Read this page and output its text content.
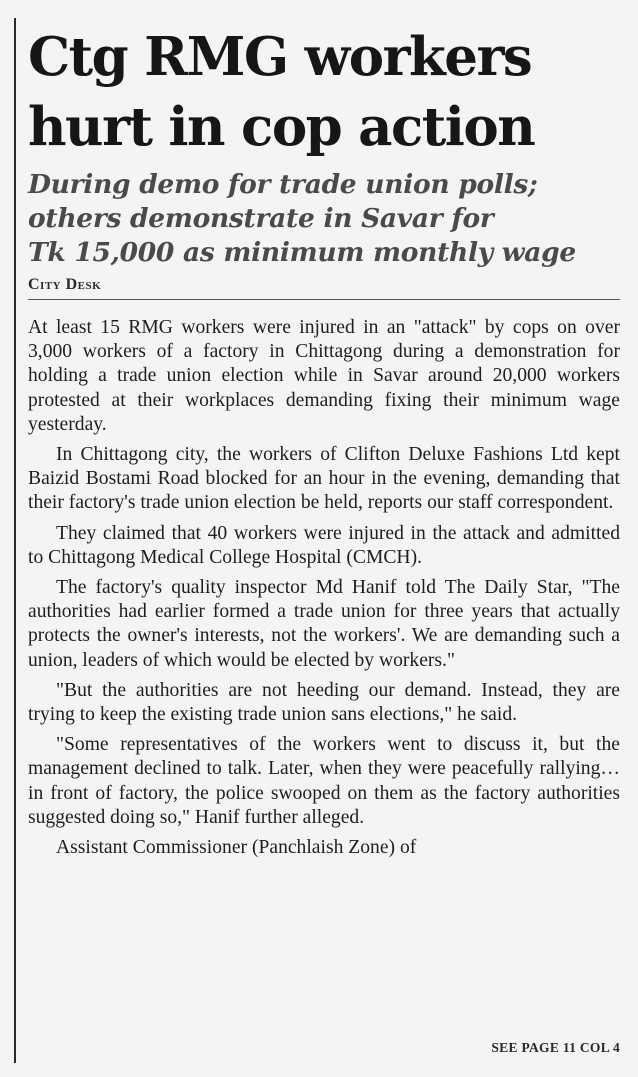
Ctg RMG workers
hurt in cop action
During demo for trade union polls;
others demonstrate in Savar for
Tk 15,000 as minimum monthly wage
City Desk

At least 15 RMG workers were injured in an "attack" by cops on over 3,000 workers of a factory in Chittagong during a demonstration for holding a trade union election while in Savar around 20,000 workers protested at their workplaces demanding fixing their minimum wage yesterday.

In Chittagong city, the workers of Clifton Deluxe Fashions Ltd kept Baizid Bostami Road blocked for an hour in the evening, demanding that their factory's trade union election be held, reports our staff correspondent.

They claimed that 40 workers were injured in the attack and admitted to Chittagong Medical College Hospital (CMCH).

The factory's quality inspector Md Hanif told The Daily Star, "The authorities had earlier formed a trade union for three years that actually protects the owner's interests, not the workers'. We are demanding such a union, leaders of which would be elected by workers."

"But the authorities are not heeding our demand. Instead, they are trying to keep the existing trade union sans elections," he said.

"Some representatives of the workers went to discuss it, but the management declined to talk. Later, when they were peacefully rallying…in front of factory, the police swooped on them as the factory authorities suggested doing so," Hanif further alleged.

Assistant Commissioner (Panchlaish Zone) of

SEE PAGE 11 COL 4
